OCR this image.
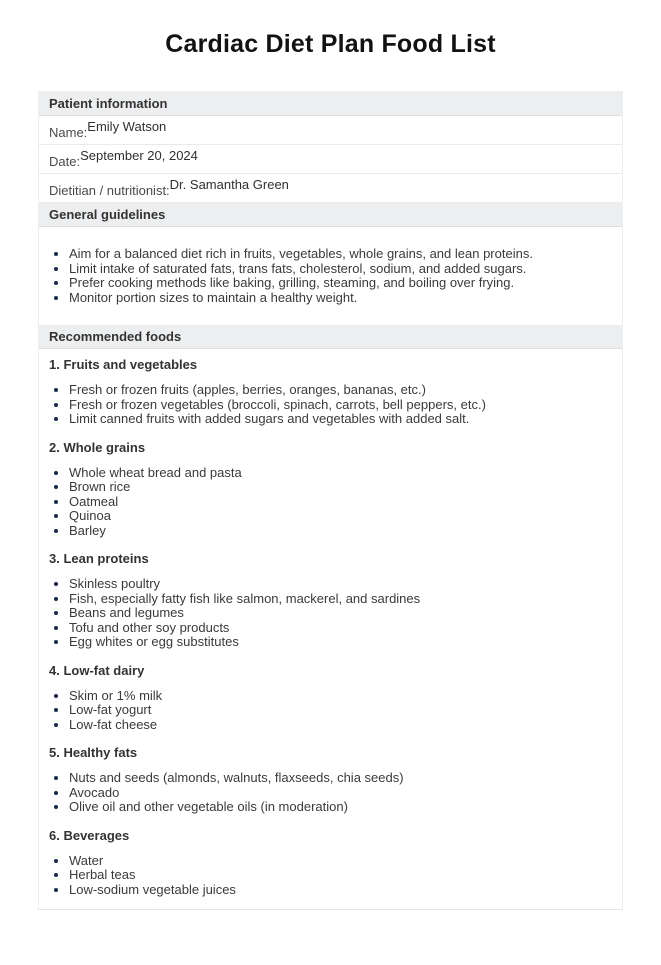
Cardiac Diet Plan Food List
Patient information
Name: Emily Watson
Date: September 20, 2024
Dietitian / nutritionist: Dr. Samantha Green
General guidelines
• Aim for a balanced diet rich in fruits, vegetables, whole grains, and lean proteins.
• Limit intake of saturated fats, trans fats, cholesterol, sodium, and added sugars.
• Prefer cooking methods like baking, grilling, steaming, and boiling over frying.
• Monitor portion sizes to maintain a healthy weight.
Recommended foods
1. Fruits and vegetables
• Fresh or frozen fruits (apples, berries, oranges, bananas, etc.)
• Fresh or frozen vegetables (broccoli, spinach, carrots, bell peppers, etc.)
• Limit canned fruits with added sugars and vegetables with added salt.
2. Whole grains
• Whole wheat bread and pasta
• Brown rice
• Oatmeal
• Quinoa
• Barley
3. Lean proteins
• Skinless poultry
• Fish, especially fatty fish like salmon, mackerel, and sardines
• Beans and legumes
• Tofu and other soy products
• Egg whites or egg substitutes
4. Low-fat dairy
• Skim or 1% milk
• Low-fat yogurt
• Low-fat cheese
5. Healthy fats
• Nuts and seeds (almonds, walnuts, flaxseeds, chia seeds)
• Avocado
• Olive oil and other vegetable oils (in moderation)
6. Beverages
• Water
• Herbal teas
• Low-sodium vegetable juices
